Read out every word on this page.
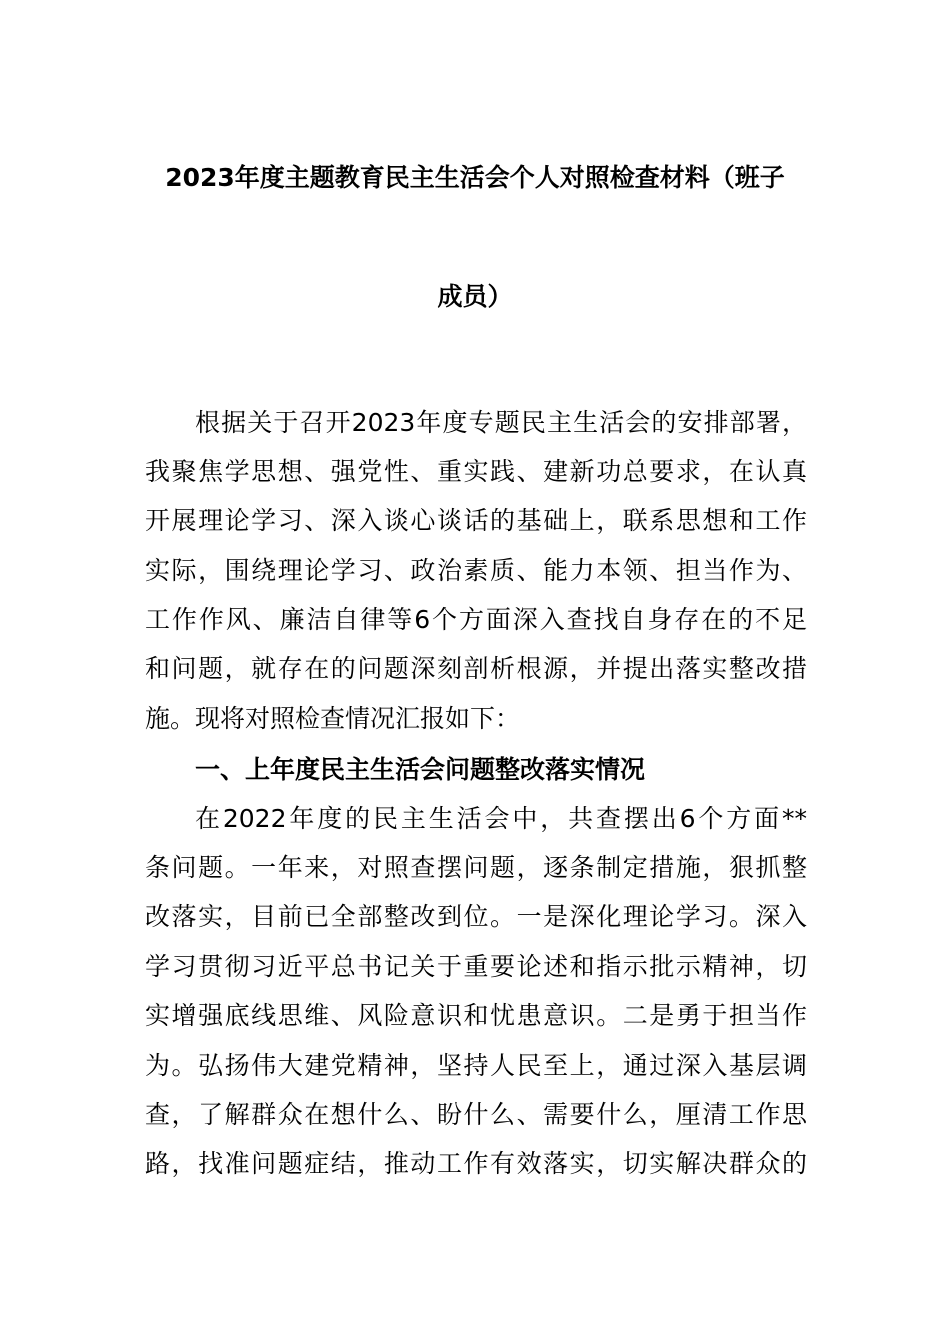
2023年度主题教育民主生活会个人对照检查材料（班子
成员）
根据关于召开2023年度专题民主生活会的安排部署，
我聚焦学思想、强党性、重实践、建新功总要求，在认真
开展理论学习、深入谈心谈话的基础上，联系思想和工作
实际，围绕理论学习、政治素质、能力本领、担当作为、
工作作风、廉洁自律等6个方面深入查找自身存在的不足
和问题，就存在的问题深刻剖析根源，并提出落实整改措
施。现将对照检查情况汇报如下：
一、上年度民主生活会问题整改落实情况
在2022年度的民主生活会中，共查摆出6个方面**
条问题。一年来，对照查摆问题，逐条制定措施，狠抓整
改落实，目前已全部整改到位。一是深化理论学习。深入
学习贯彻习近平总书记关于重要论述和指示批示精神，切
实增强底线思维、风险意识和忧患意识。二是勇于担当作
为。弘扬伟大建党精神，坚持人民至上，通过深入基层调
查，了解群众在想什么、盼什么、需要什么，厘清工作思
路，找准问题症结，推动工作有效落实，切实解决群众的
